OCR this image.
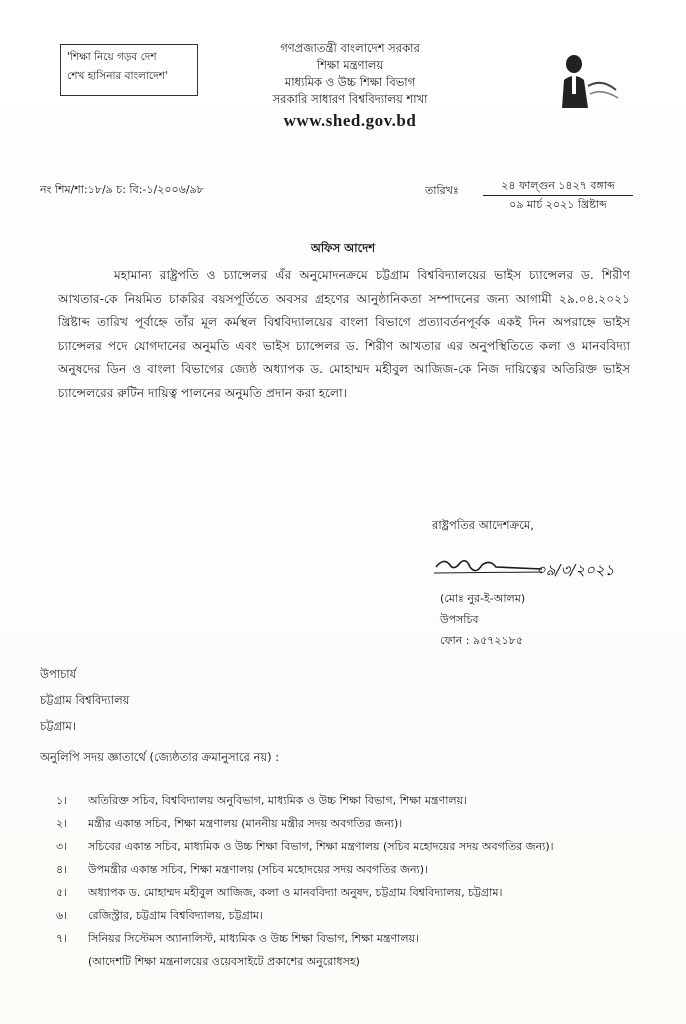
'শিক্ষা নিয়ে গড়ব দেশ
শেখ হাসিনার বাংলাদেশ'
গণপ্রজাতন্ত্রী বাংলাদেশ সরকার
শিক্ষা মন্ত্রণালয়
মাধ্যমিক ও উচ্চ শিক্ষা বিভাগ
সরকারি সাধারণ বিশ্ববিদ্যালয় শাখা
www.shed.gov.bd
নং শিম/শা:১৮/৯ চ: বি:-১/২০০৬/৯৮	তারিখঃ	২৪ ফাল্গুন ১৪২৭ বঙ্গাব্দ
০৯ মার্চ ২০২১ খ্রিষ্টাব্দ
অফিস আদেশ
মহামান্য রাষ্ট্রপতি ও চ্যান্সেলর এঁর অনুমোদনক্রমে চট্টগ্রাম বিশ্ববিদ্যালয়ের ভাইস চ্যান্সেলর ড. শিরীণ আখতার-কে নিয়মিত চাকরির বয়সপূর্তিতে অবসর গ্রহণের আনুষ্ঠানিকতা সম্পাদনের জন্য আগামী ২৯.০৪.২০২১ খ্রিষ্টাব্দ তারিখ পূর্বাহ্নে তাঁর মূল কর্মস্থল বিশ্ববিদ্যালয়ের বাংলা বিভাগে প্রত্যাবর্তনপূর্বক একই দিন অপরাহ্নে ভাইস চ্যান্সেলর পদে যোগদানের অনুমতি এবং ভাইস চ্যান্সেলর ড. শিরীণ আখতার এর অনুপস্থিতিতে কলা ও মানববিদ্যা অনুষদের ডিন ও বাংলা বিভাগের জ্যেষ্ঠ অধ্যাপক ড. মোহাম্মদ মহীবুল আজিজ-কে নিজ দায়িত্বের অতিরিক্ত ভাইস চ্যান্সেলরের রুটিন দায়িত্ব পালনের অনুমতি প্রদান করা হলো।
রাষ্ট্রপতির আদেশক্রমে,
০৯/৩/২০২১
(মোঃ নুর-ই-আলম)
উপসচিব
ফোন : ৯৫৭২১৮৫
উপাচার্য
চট্টগ্রাম বিশ্ববিদ্যালয়
চট্টগ্রাম।
অনুলিপি সদয় জ্ঞাতার্থে (জ্যেষ্ঠতার ক্রমানুসারে নয়) :
১।	অতিরিক্ত সচিব, বিশ্ববিদ্যালয় অনুবিভাগ, মাধ্যমিক ও উচ্চ শিক্ষা বিভাগ, শিক্ষা মন্ত্রণালয়।
২।	মন্ত্রীর একান্ত সচিব, শিক্ষা মন্ত্রণালয় (মাননীয় মন্ত্রীর সদয় অবগতির জন্য)।
৩।	সচিবের একান্ত সচিব, মাধ্যমিক ও উচ্চ শিক্ষা বিভাগ, শিক্ষা মন্ত্রণালয় (সচিব মহোদয়ের সদয় অবগতির জন্য)।
৪।	উপমন্ত্রীর একান্ত সচিব, শিক্ষা মন্ত্রণালয় (সচিব মহোদয়ের সদয় অবগতির জন্য)।
৫।	অধ্যাপক ড. মোহাম্মদ মহীবুল আজিজ, কলা ও মানববিদ্যা অনুষদ, চট্টগ্রাম বিশ্ববিদ্যালয়, চট্টগ্রাম।
৬।	রেজিস্ট্রার, চট্টগ্রাম বিশ্ববিদ্যালয়, চট্টগ্রাম।
৭।	সিনিয়র সিস্টেমস অ্যানালিস্ট, মাধ্যমিক ও উচ্চ শিক্ষা বিভাগ, শিক্ষা মন্ত্রণালয়।
(আদেশটি শিক্ষা মন্ত্রনালয়ের ওয়েবসাইটে প্রকাশের অনুরোধসহ)
